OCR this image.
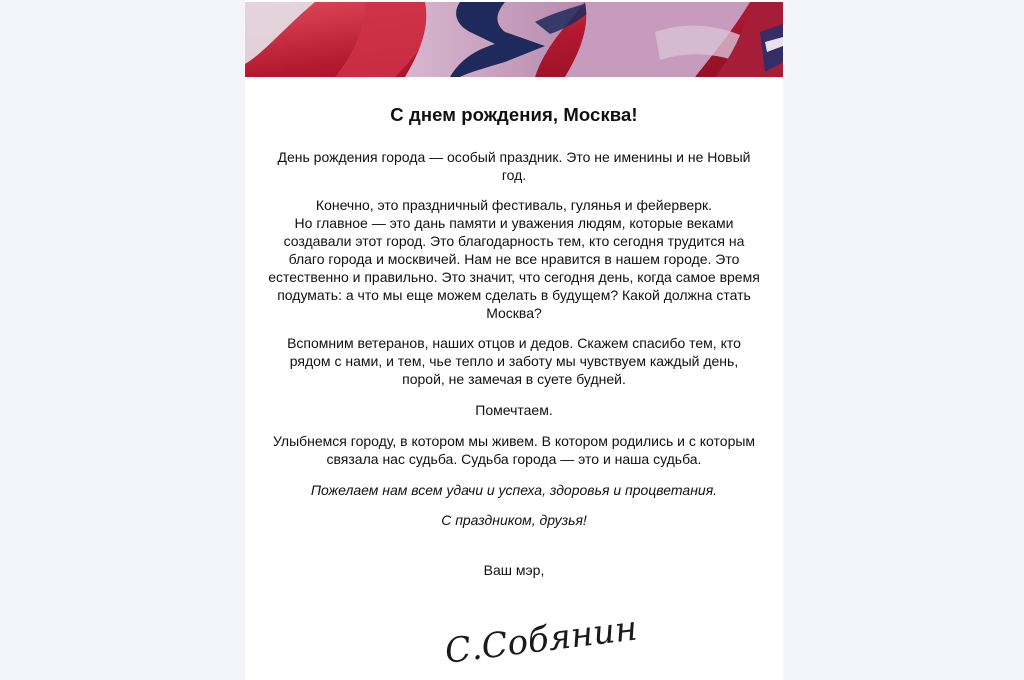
С днем рождения, Москва!

День рождения города — особый праздник. Это не именины и не Новый год.

Конечно, это праздничный фестиваль, гулянья и фейерверк.

Но главное — это дань памяти и уважения людям, которые веками создавали этот город. Это благодарность тем, кто сегодня трудится на благо города и москвичей. Нам не все нравится в нашем городе. Это естественно и правильно. Это значит, что сегодня день, когда самое время подумать: а что мы еще можем сделать в будущем? Какой должна стать Москва?

Вспомним ветеранов, наших отцов и дедов. Скажем спасибо тем, кто рядом с нами, и тем, чье тепло и заботу мы чувствуем каждый день, порой, не замечая в суете будней.

Помечтаем.

Улыбнемся городу, в котором мы живем. В котором родились и с которым связала нас судьба. Судьба города — это и наша судьба.

Пожелаем нам всем удачи и успеха, здоровья и процветания.

С праздником, друзья!

Ваш мэр,

С.Собянин
